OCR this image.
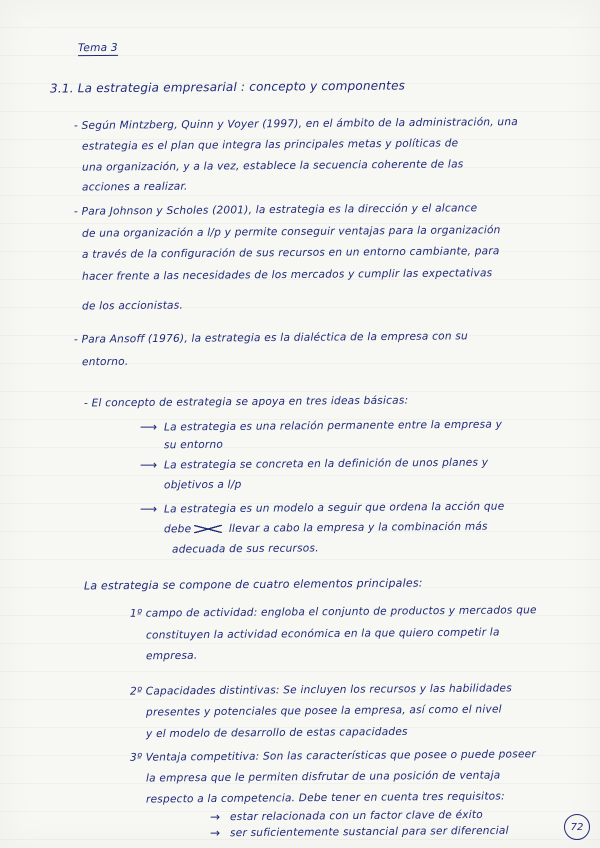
Tema 3
3.1. La estrategia empresarial : concepto y componentes
- Según Mintzberg, Quinn y Voyer (1997), en el ámbito de la administración, una
estrategia es el plan que integra las principales metas y políticas de
una organización, y a la vez, establece la secuencia coherente de las
acciones a realizar.
- Para Johnson y Scholes (2001), la estrategia es la dirección y el alcance
de una organización a l/p y permite conseguir ventajas para la organización
a través de la configuración de sus recursos en un entorno cambiante, para
hacer frente a las necesidades de los mercados y cumplir las expectativas
de los accionistas.
- Para Ansoff (1976), la estrategia es la dialéctica de la empresa con su
entorno.
- El concepto de estrategia se apoya en tres ideas básicas:
⟶ La estrategia es una relación permanente entre la empresa y
su entorno
⟶ La estrategia se concreta en la definición de unos planes y
objetivos a l/p
⟶ La estrategia es un modelo a seguir que ordena la acción que
debe	llevar a cabo la empresa y la combinación más
adecuada de sus recursos.
La estrategia se compone de cuatro elementos principales:
1º campo de actividad: engloba el conjunto de productos y mercados que
constituyen la actividad económica en la que quiero competir la
empresa.
2º Capacidades distintivas: Se incluyen los recursos y las habilidades
presentes y potenciales que posee la empresa, así como el nivel
y el modelo de desarrollo de estas capacidades
3º Ventaja competitiva: Son las características que posee o puede poseer
la empresa que le permiten disfrutar de una posición de ventaja
respecto a la competencia. Debe tener en cuenta tres requisitos:
→ estar relacionada con un factor clave de éxito
→ ser suficientemente sustancial para ser diferencial	72
